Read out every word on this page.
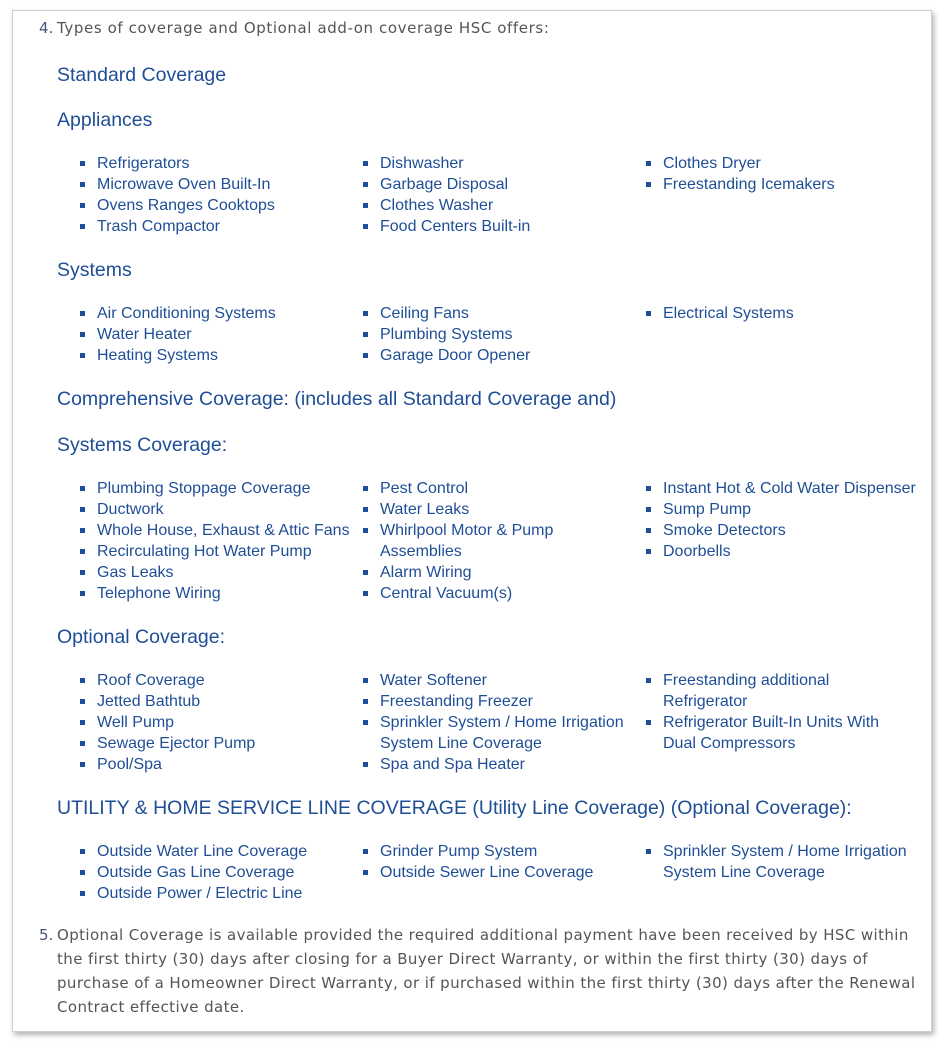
4. Types of coverage and Optional add-on coverage HSC offers:
Standard Coverage
Appliances
Refrigerators
Microwave Oven Built-In
Ovens Ranges Cooktops
Trash Compactor
Dishwasher
Garbage Disposal
Clothes Washer
Food Centers Built-in
Clothes Dryer
Freestanding Icemakers
Systems
Air Conditioning Systems
Water Heater
Heating Systems
Ceiling Fans
Plumbing Systems
Garage Door Opener
Electrical Systems
Comprehensive Coverage: (includes all Standard Coverage and)
Systems Coverage:
Plumbing Stoppage Coverage
Ductwork
Whole House, Exhaust & Attic Fans
Recirculating Hot Water Pump
Gas Leaks
Telephone Wiring
Pest Control
Water Leaks
Whirlpool Motor & Pump
Assemblies
Alarm Wiring
Central Vacuum(s)
Instant Hot & Cold Water Dispenser
Sump Pump
Smoke Detectors
Doorbells
Optional Coverage:
Roof Coverage
Jetted Bathtub
Well Pump
Sewage Ejector Pump
Pool/Spa
Water Softener
Freestanding Freezer
Sprinkler System / Home Irrigation
System Line Coverage
Spa and Spa Heater
Freestanding additional
Refrigerator
Refrigerator Built-In Units With
Dual Compressors
UTILITY & HOME SERVICE LINE COVERAGE (Utility Line Coverage) (Optional Coverage):
Outside Water Line Coverage
Outside Gas Line Coverage
Outside Power / Electric Line
Grinder Pump System
Outside Sewer Line Coverage
Sprinkler System / Home Irrigation
System Line Coverage
5. Optional Coverage is available provided the required additional payment have been received by HSC within the first thirty (30) days after closing for a Buyer Direct Warranty, or within the first thirty (30) days of purchase of a Homeowner Direct Warranty, or if purchased within the first thirty (30) days after the Renewal Contract effective date.
